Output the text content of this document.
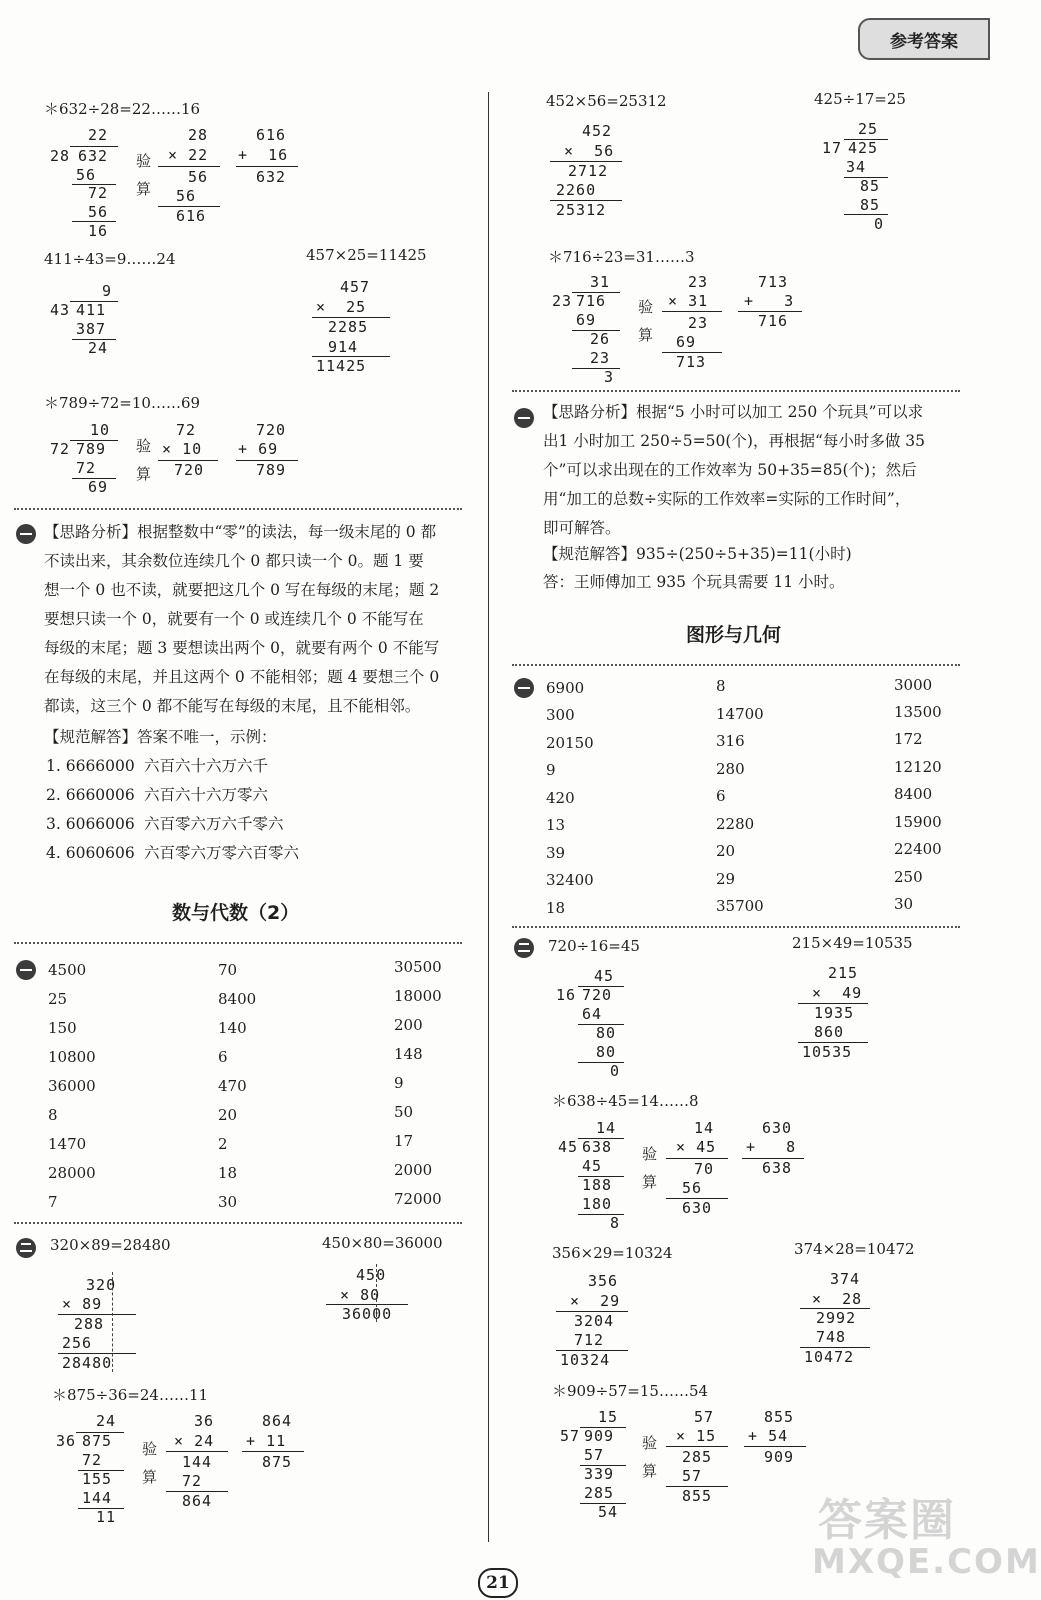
参考答案
＊632÷28=22……16
22
28 632
56
72
56
16
验
算
28
× 22
56
56
616
616
+  16
632
411÷43=9……24
9
43 411
387
24
457×25=11425
457
×  25
2285
914
11425
＊789÷72=10……69
10
72 789
72
69
验
算
72
× 10
720
720
+ 69
789
【思路分析】根据整数中“零”的读法，每一级末尾的 0 都
不读出来，其余数位连续几个 0 都只读一个 0。题 1 要
想一个 0 也不读，就要把这几个 0 写在每级的末尾；题 2
要想只读一个 0，就要有一个 0 或连续几个 0 不能写在
每级的末尾；题 3 要想读出两个 0，就要有两个 0 不能写
在每级的末尾，并且这两个 0 不能相邻；题 4 要想三个 0
都读，这三个 0 都不能写在每级的末尾，且不能相邻。
【规范解答】答案不唯一，示例：
1. 6666000 六百六十六万六千
2. 6660006 六百六十六万零六
3. 6066006 六百零六万六千零六
4. 6060606 六百零六万零六百零六
数与代数（2）
4500	70	30500
25	8400	18000
150	140	200
10800	6	148
36000	470	9
8	20	50
1470	2	17
28000	18	2000
7	30	72000
320×89=28480
320
× 89
288
256
28480
450×80=36000
450
× 80
36000
＊875÷36=24……11
24
36 875
72
155
144
11
验
算
36
× 24
144
72
864
864
+ 11
875
452×56=25312
452
×  56
2712
2260
25312
425÷17=25
25
17 425
34
85
85
0
＊716÷23=31……3
31
23 716
69
26
23
3
验
算
23
× 31
23
69
713
713
+   3
716
【思路分析】根据“5 小时可以加工 250 个玩具”可以求
出1 小时加工 250÷5=50(个)，再根据“每小时多做 35
个”可以求出现在的工作效率为 50+35=85(个)；然后
用“加工的总数÷实际的工作效率=实际的工作时间”，
即可解答。
【规范解答】935÷(250÷5+35)=11(小时)
答：王师傅加工 935 个玩具需要 11 小时。
图形与几何
6900	8	3000
300	14700	13500
20150	316	172
9	280	12120
420	6	8400
13	2280	15900
39	20	22400
32400	29	250
18	35700	30
720÷16=45
45
16 720
64
80
80
0
215×49=10535
215
×  49
1935
860
10535
＊638÷45=14……8
14
45 638
45
188
180
8
验
算
14
× 45
70
56
630
630
+   8
638
356×29=10324
356
×  29
3204
712
10324
374×28=10472
374
×  28
2992
748
10472
＊909÷57=15……54
15
57 909
57
339
285
54
验
算
57
× 15
285
57
855
855
+ 54
909
答案圈
MXQE.COM
21
